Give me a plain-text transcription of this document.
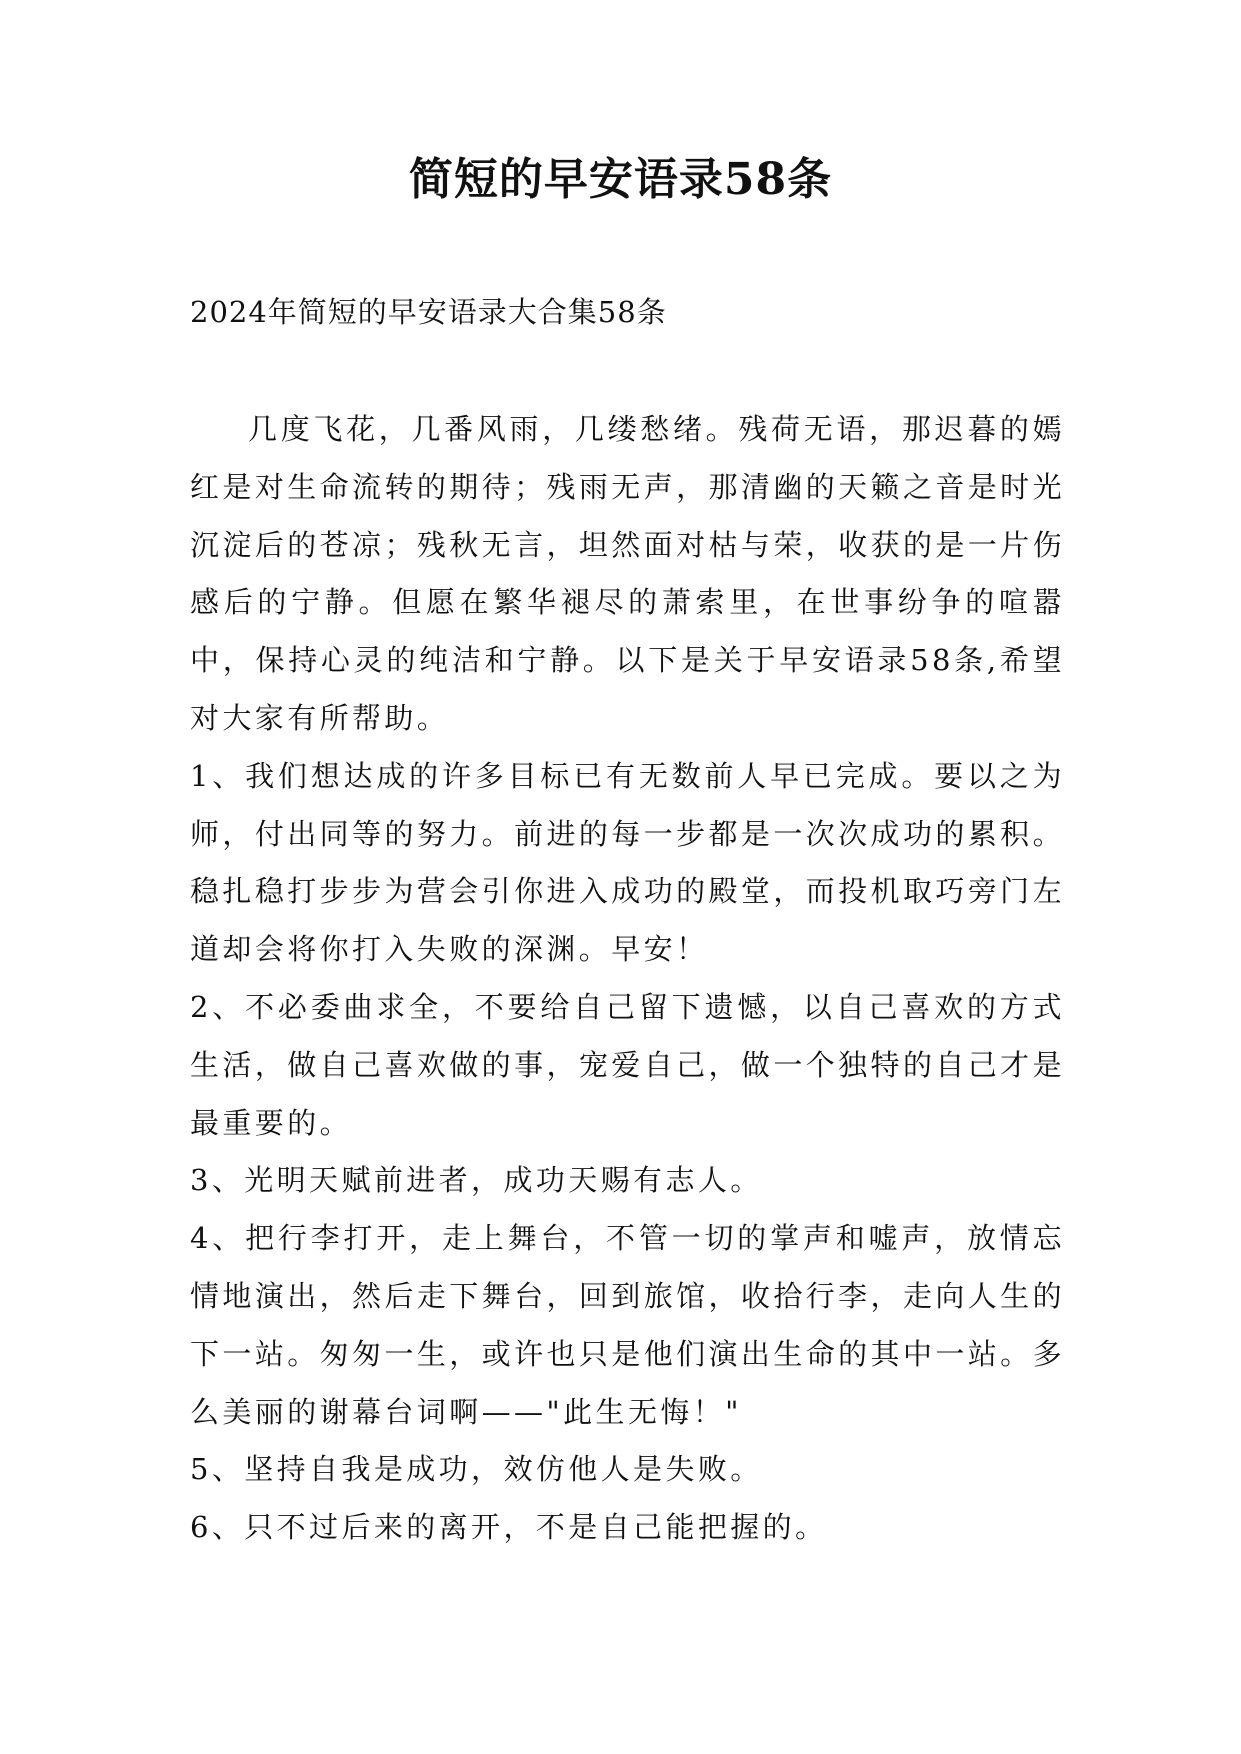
简短的早安语录58条

2024年简短的早安语录大合集58条

几度飞花，几番风雨，几缕愁绪。残荷无语，那迟暮的嫣红是对生命流转的期待；残雨无声，那清幽的天籁之音是时光沉淀后的苍凉；残秋无言，坦然面对枯与荣，收获的是一片伤感后的宁静。但愿在繁华褪尽的萧索里，在世事纷争的喧嚣中，保持心灵的纯洁和宁静。以下是关于早安语录58条,希望对大家有所帮助。

1、我们想达成的许多目标已有无数前人早已完成。要以之为师，付出同等的努力。前进的每一步都是一次次成功的累积。稳扎稳打步步为营会引你进入成功的殿堂，而投机取巧旁门左道却会将你打入失败的深渊。早安！

2、不必委曲求全，不要给自己留下遗憾，以自己喜欢的方式生活，做自己喜欢做的事，宠爱自己，做一个独特的自己才是最重要的。

3、光明天赋前进者，成功天赐有志人。

4、把行李打开，走上舞台，不管一切的掌声和嘘声，放情忘情地演出，然后走下舞台，回到旅馆，收拾行李，走向人生的下一站。匆匆一生，或许也只是他们演出生命的其中一站。多么美丽的谢幕台词啊——"此生无悔！"

5、坚持自我是成功，效仿他人是失败。

6、只不过后来的离开，不是自己能把握的。
